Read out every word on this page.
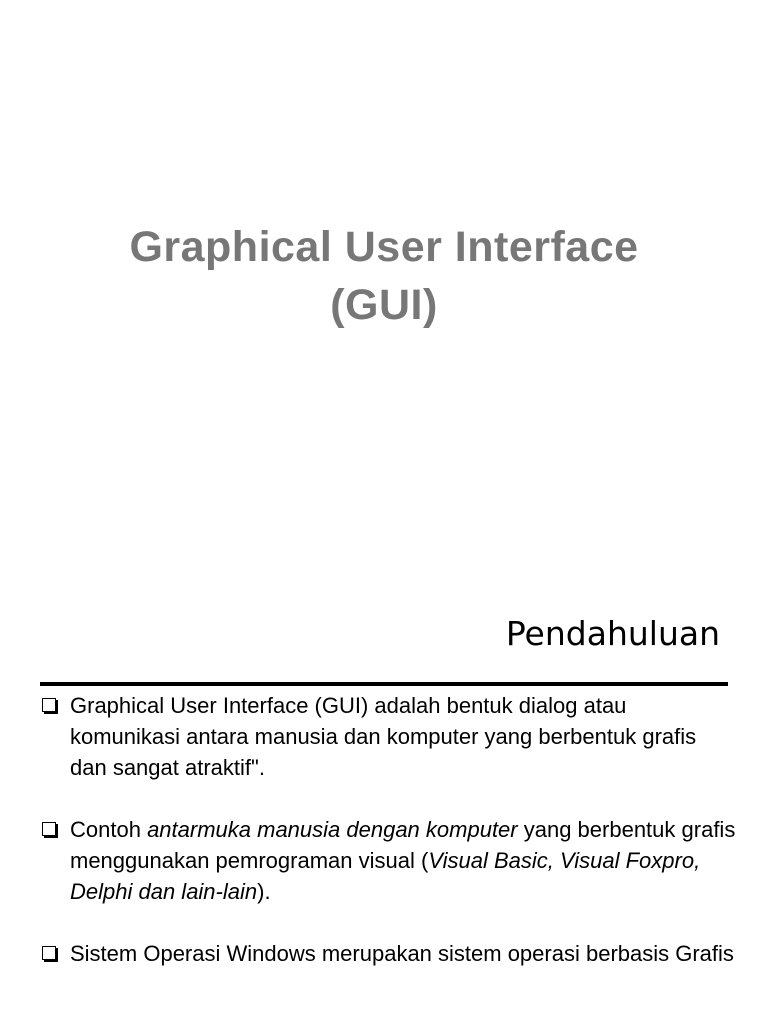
Graphical User Interface
(GUI)
Pendahuluan
Graphical User Interface (GUI) adalah bentuk dialog atau komunikasi antara manusia dan komputer yang berbentuk grafis dan sangat atraktif".
Contoh antarmuka manusia dengan komputer yang berbentuk grafis menggunakan pemrograman visual (Visual Basic, Visual Foxpro, Delphi dan lain-lain).
Sistem Operasi Windows merupakan sistem operasi berbasis Grafis
